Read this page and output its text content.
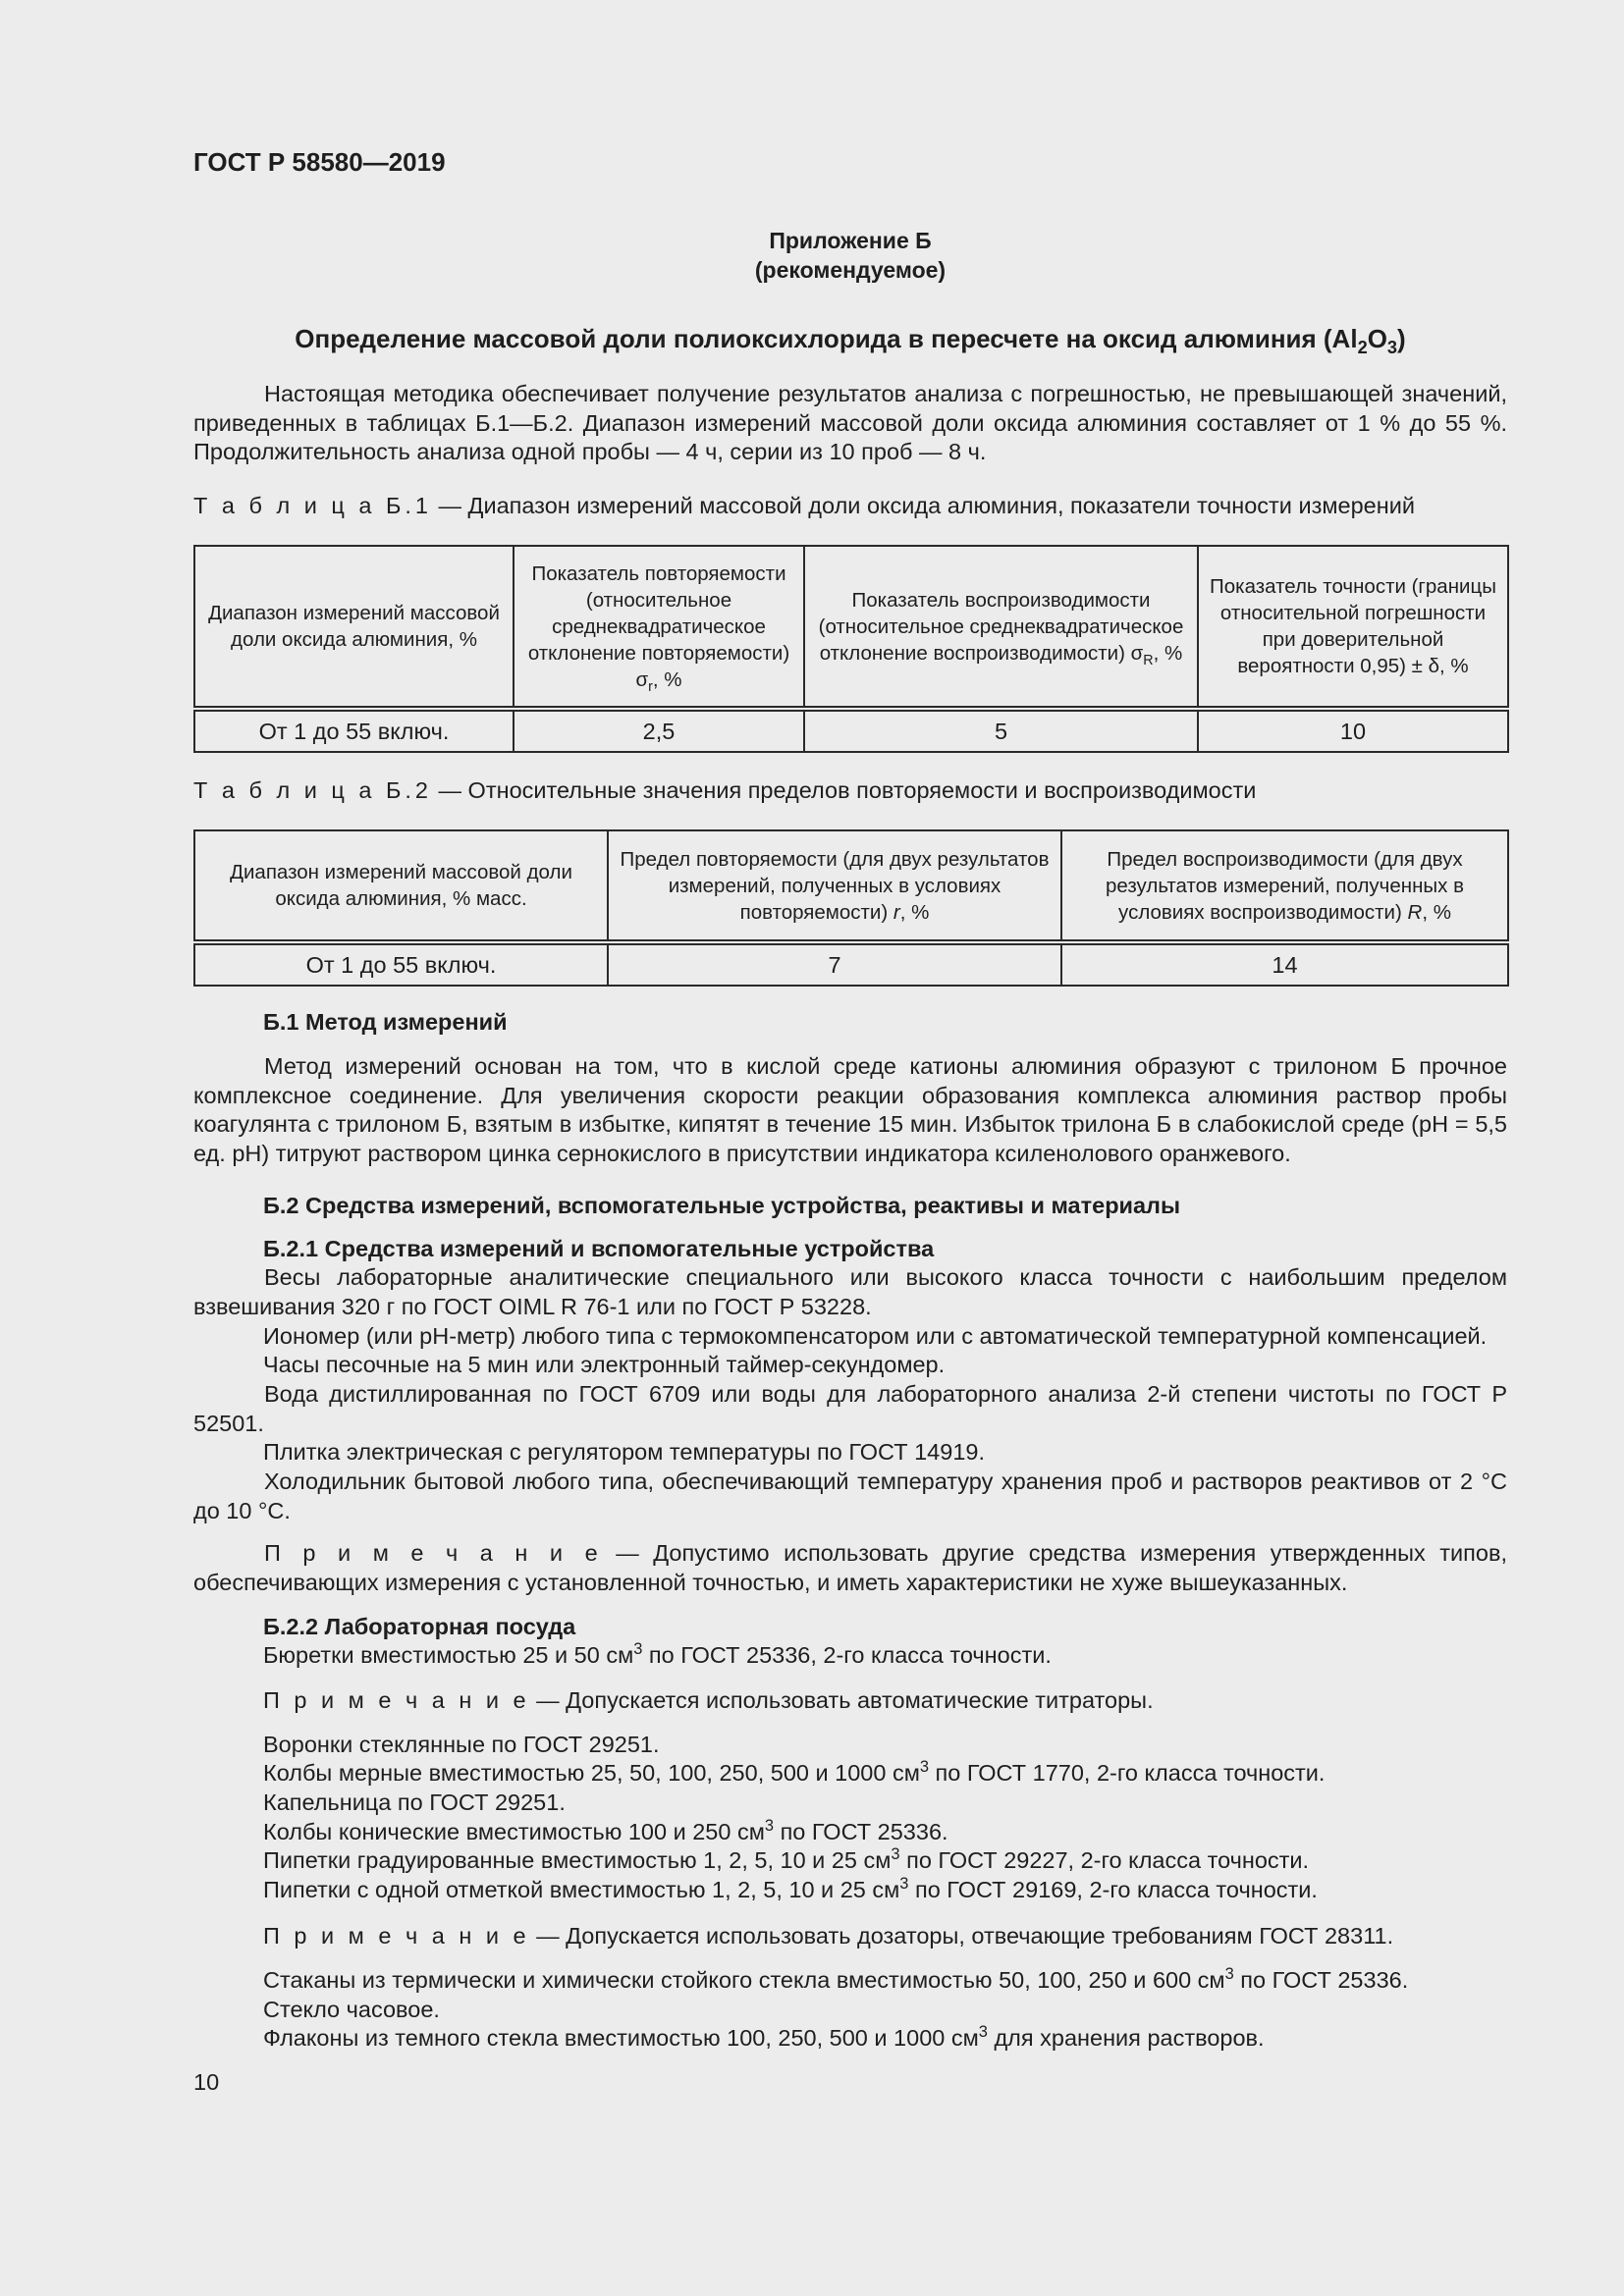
ГОСТ Р 58580—2019
Приложение Б
(рекомендуемое)
Определение массовой доли полиоксихлорида в пересчете на оксид алюминия $(Al_2O_3)$

Настоящая методика обеспечивает получение результатов анализа с погрешностью, не превышающей значений, приведенных в таблицах Б.1—Б.2. Диапазон измерений массовой доли оксида алюминия составляет от 1 % до 55 %. Продолжительность анализа одной пробы — 4 ч, серии из 10 проб — 8 ч.

Т а б л и ц а Б.1 — Диапазон измерений массовой доли оксида алюминия, показатели точности измерений
Диапазон измерений массовой доли оксида алюминия, %	Показатель повторяемости (относительное среднеквадратическое отклонение повторяемости) $\sigma_r$, %	Показатель воспроизводимости (относительное среднеквадратическое отклонение воспроизводимости) $\sigma_R$, %	Показатель точности (границы относительной погрешности при доверительной вероятности 0,95) ± δ, %
От 1 до 55 включ.	2,5	5	10
Т а б л и ц а Б.2 — Относительные значения пределов повторяемости и воспроизводимости
Диапазон измерений массовой доли оксида алюминия, % масс.	Предел повторяемости (для двух результатов измерений, полученных в условиях повторяемости) r, %	Предел воспроизводимости (для двух результатов измерений, полученных в условиях воспроизводимости) R, %
От 1 до 55 включ.	7	14
Б.1 Метод измерений

Метод измерений основан на том, что в кислой среде катионы алюминия образуют с трилоном Б прочное комплексное соединение. Для увеличения скорости реакции образования комплекса алюминия раствор пробы коагулянта с трилоном Б, взятым в избытке, кипятят в течение 15 мин. Избыток трилона Б в слабокислой среде (pH = 5,5 ед. pH) титруют раствором цинка сернокислого в присутствии индикатора ксиленолового оранжевого.

Б.2 Средства измерений, вспомогательные устройства, реактивы и материалы
Б.2.1 Средства измерений и вспомогательные устройства

Весы лабораторные аналитические специального или высокого класса точности с наибольшим пределом взвешивания 320 г по ГОСТ OIML R 76-1 или по ГОСТ Р 53228.

Иономер (или pH-метр) любого типа с термокомпенсатором или с автоматической температурной компенсацией.
Часы песочные на 5 мин или электронный таймер-секундомер.

Вода дистиллированная по ГОСТ 6709 или воды для лабораторного анализа 2-й степени чистоты по ГОСТ Р 52501.

Плитка электрическая с регулятором температуры по ГОСТ 14919.

Холодильник бытовой любого типа, обеспечивающий температуру хранения проб и растворов реактивов от 2 °С до 10 °С.

П р и м е ч а н и е — Допустимо использовать другие средства измерения утвержденных типов, обеспечивающих измерения с установленной точностью, и иметь характеристики не хуже вышеуказанных.

Б.2.2 Лабораторная посуда
Бюретки вместимостью 25 и 50 $см^3$ по ГОСТ 25336, 2-го класса точности.
П р и м е ч а н и е — Допускается использовать автоматические титраторы.
Воронки стеклянные по ГОСТ 29251.
Колбы мерные вместимостью 25, 50, 100, 250, 500 и 1000 $см^3$ по ГОСТ 1770, 2-го класса точности.
Капельница по ГОСТ 29251.
Колбы конические вместимостью 100 и 250 $см^3$ по ГОСТ 25336.
Пипетки градуированные вместимостью 1, 2, 5, 10 и 25 $см^3$ по ГОСТ 29227, 2-го класса точности.
Пипетки с одной отметкой вместимостью 1, 2, 5, 10 и 25 $см^3$ по ГОСТ 29169, 2-го класса точности.
П р и м е ч а н и е — Допускается использовать дозаторы, отвечающие требованиям ГОСТ 28311.
Стаканы из термически и химически стойкого стекла вместимостью 50, 100, 250 и 600 $см^3$ по ГОСТ 25336.
Стекло часовое.
Флаконы из темного стекла вместимостью 100, 250, 500 и 1000 $см^3$ для хранения растворов.
10
